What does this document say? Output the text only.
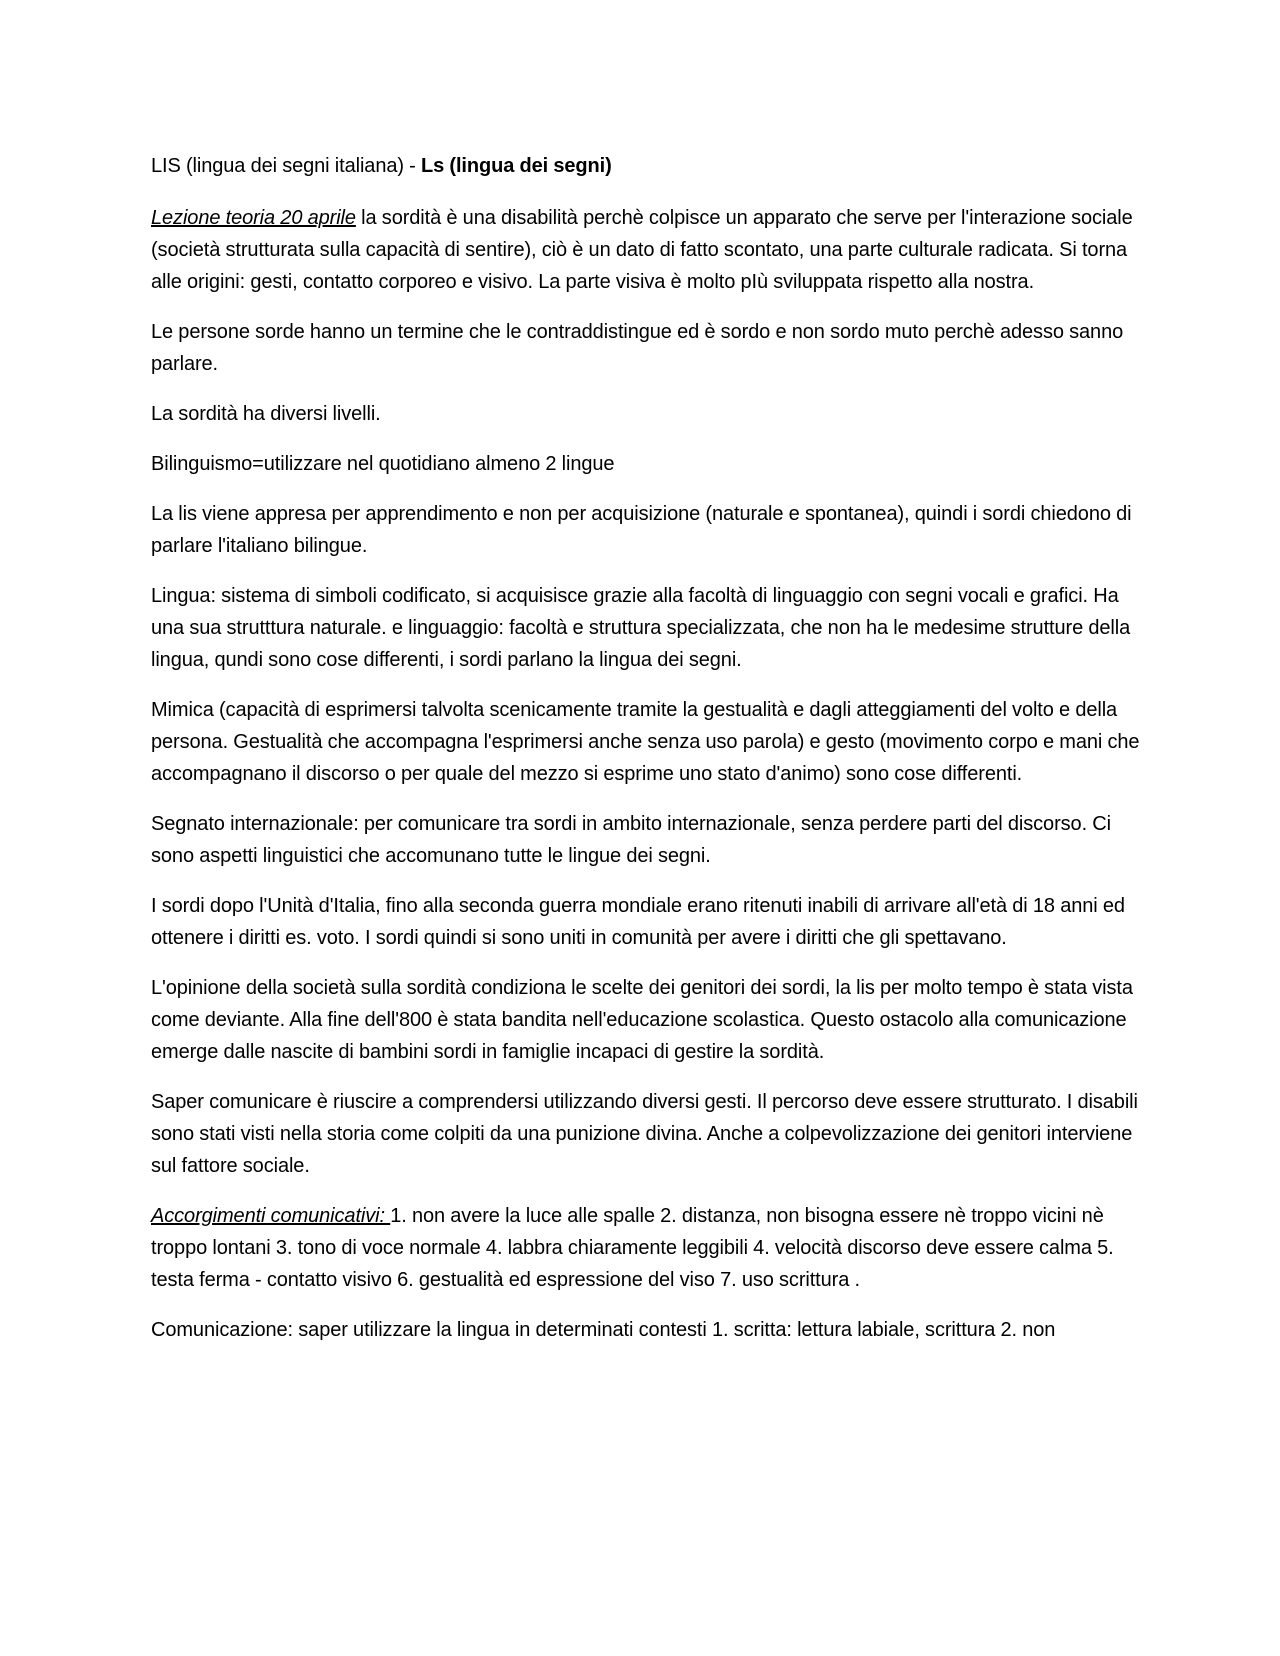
LIS (lingua dei segni italiana) - Ls (lingua dei segni)

Lezione teoria 20 aprile la sordità è una disabilità perchè colpisce un apparato che serve per l'interazione sociale (società strutturata sulla capacità di sentire), ciò è un dato di fatto scontato, una parte culturale radicata. Si torna alle origini: gesti, contatto corporeo e visivo. La parte visiva è molto pIù sviluppata rispetto alla nostra.

Le persone sorde hanno un termine che le contraddistingue ed è sordo e non sordo muto perchè adesso sanno parlare.

La sordità ha diversi livelli.

Bilinguismo=utilizzare nel quotidiano almeno 2 lingue

La lis viene appresa per apprendimento e non per acquisizione (naturale e spontanea), quindi i sordi chiedono di parlare l'italiano bilingue.

Lingua: sistema di simboli codificato, si acquisisce grazie alla facoltà di linguaggio con segni vocali e grafici. Ha una sua strutttura naturale. e linguaggio: facoltà e struttura specializzata, che non ha le medesime strutture della lingua, qundi sono cose differenti, i sordi parlano la lingua dei segni.

Mimica (capacità di esprimersi talvolta scenicamente tramite la gestualità e dagli atteggiamenti del volto e della persona. Gestualità che accompagna l'esprimersi anche senza uso parola) e gesto (movimento corpo e mani che accompagnano il discorso o per quale del mezzo si esprime uno stato d'animo) sono cose differenti.

Segnato internazionale: per comunicare tra sordi in ambito internazionale, senza perdere parti del discorso. Ci sono aspetti linguistici che accomunano tutte le lingue dei segni.

I sordi dopo l'Unità d'Italia, fino alla seconda guerra mondiale erano ritenuti inabili di arrivare all'età di 18 anni ed ottenere i diritti es. voto. I sordi quindi si sono uniti in comunità per avere i diritti che gli spettavano.

L'opinione della società sulla sordità condiziona le scelte dei genitori dei sordi, la lis per molto tempo è stata vista come deviante. Alla fine dell'800 è stata bandita nell'educazione scolastica. Questo ostacolo alla comunicazione emerge dalle nascite di bambini sordi in famiglie incapaci di gestire la sordità.

Saper comunicare è riuscire a comprendersi utilizzando diversi gesti. Il percorso deve essere strutturato. I disabili sono stati visti nella storia come colpiti da una punizione divina. Anche a colpevolizzazione dei genitori interviene sul fattore sociale.

Accorgimenti comunicativi: 1. non avere la luce alle spalle 2. distanza, non bisogna essere nè troppo vicini nè troppo lontani 3. tono di voce normale 4. labbra chiaramente leggibili 4. velocità discorso deve essere calma 5. testa ferma - contatto visivo 6. gestualità ed espressione del viso 7. uso scrittura .

Comunicazione: saper utilizzare la lingua in determinati contesti 1. scritta: lettura labiale, scrittura 2. non
